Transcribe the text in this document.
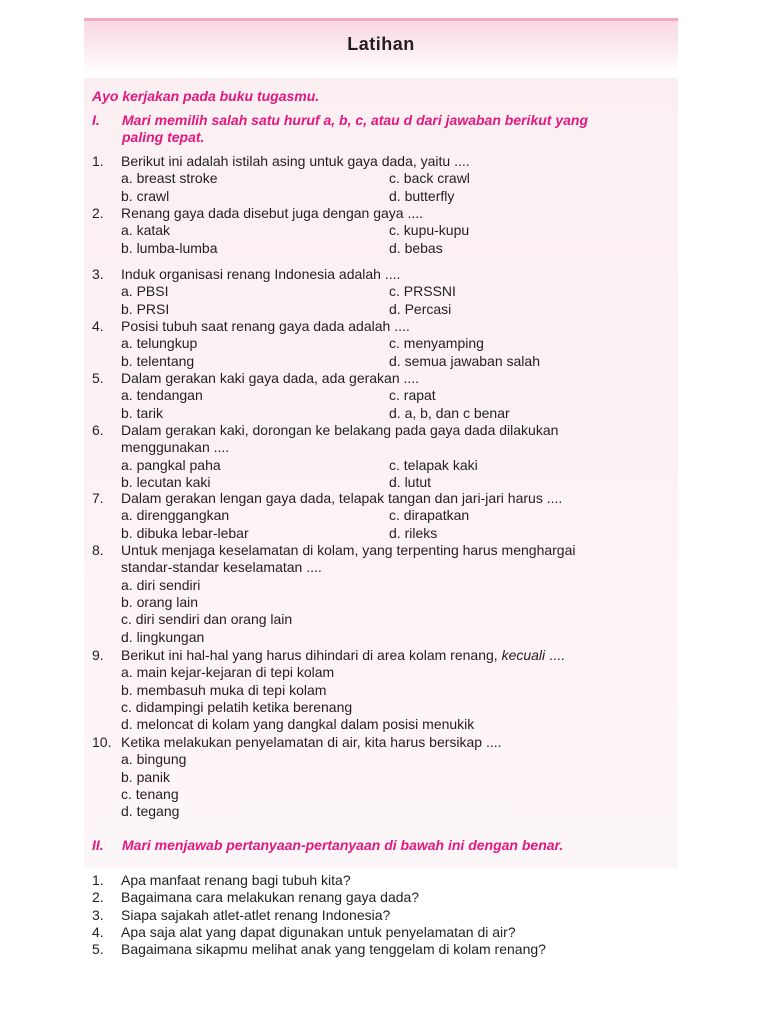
Latihan
Ayo kerjakan pada buku tugasmu.
I. Mari memilih salah satu huruf a, b, c, atau d dari jawaban berikut yang
paling tepat.
1. Berikut ini adalah istilah asing untuk gaya dada, yaitu ....
a. breast stroke	c. back crawl
b. crawl	d. butterfly
2. Renang gaya dada disebut juga dengan gaya ....
a. katak	c. kupu-kupu
b. lumba-lumba	d. bebas
3. Induk organisasi renang Indonesia adalah ....
a. PBSI	c. PRSSNI
b. PRSI	d. Percasi
4. Posisi tubuh saat renang gaya dada adalah ....
a. telungkup	c. menyamping
b. telentang	d. semua jawaban salah
5. Dalam gerakan kaki gaya dada, ada gerakan ....
a. tendangan	c. rapat
b. tarik	d. a, b, dan c benar
6. Dalam gerakan kaki, dorongan ke belakang pada gaya dada dilakukan
menggunakan ....
a. pangkal paha	c. telapak kaki
b. lecutan kaki	d. lutut
7. Dalam gerakan lengan gaya dada, telapak tangan dan jari-jari harus ....
a. direnggangkan	c. dirapatkan
b. dibuka lebar-lebar	d. rileks
8. Untuk menjaga keselamatan di kolam, yang terpenting harus menghargai
standar-standar keselamatan ....
a. diri sendiri
b. orang lain
c. diri sendiri dan orang lain
d. lingkungan
9. Berikut ini hal-hal yang harus dihindari di area kolam renang, kecuali ....
a. main kejar-kejaran di tepi kolam
b. membasuh muka di tepi kolam
c. didampingi pelatih ketika berenang
d. meloncat di kolam yang dangkal dalam posisi menukik
10. Ketika melakukan penyelamatan di air, kita harus bersikap ....
a. bingung
b. panik
c. tenang
d. tegang
II. Mari menjawab pertanyaan-pertanyaan di bawah ini dengan benar.
1. Apa manfaat renang bagi tubuh kita?
2. Bagaimana cara melakukan renang gaya dada?
3. Siapa sajakah atlet-atlet renang Indonesia?
4. Apa saja alat yang dapat digunakan untuk penyelamatan di air?
5. Bagaimana sikapmu melihat anak yang tenggelam di kolam renang?
